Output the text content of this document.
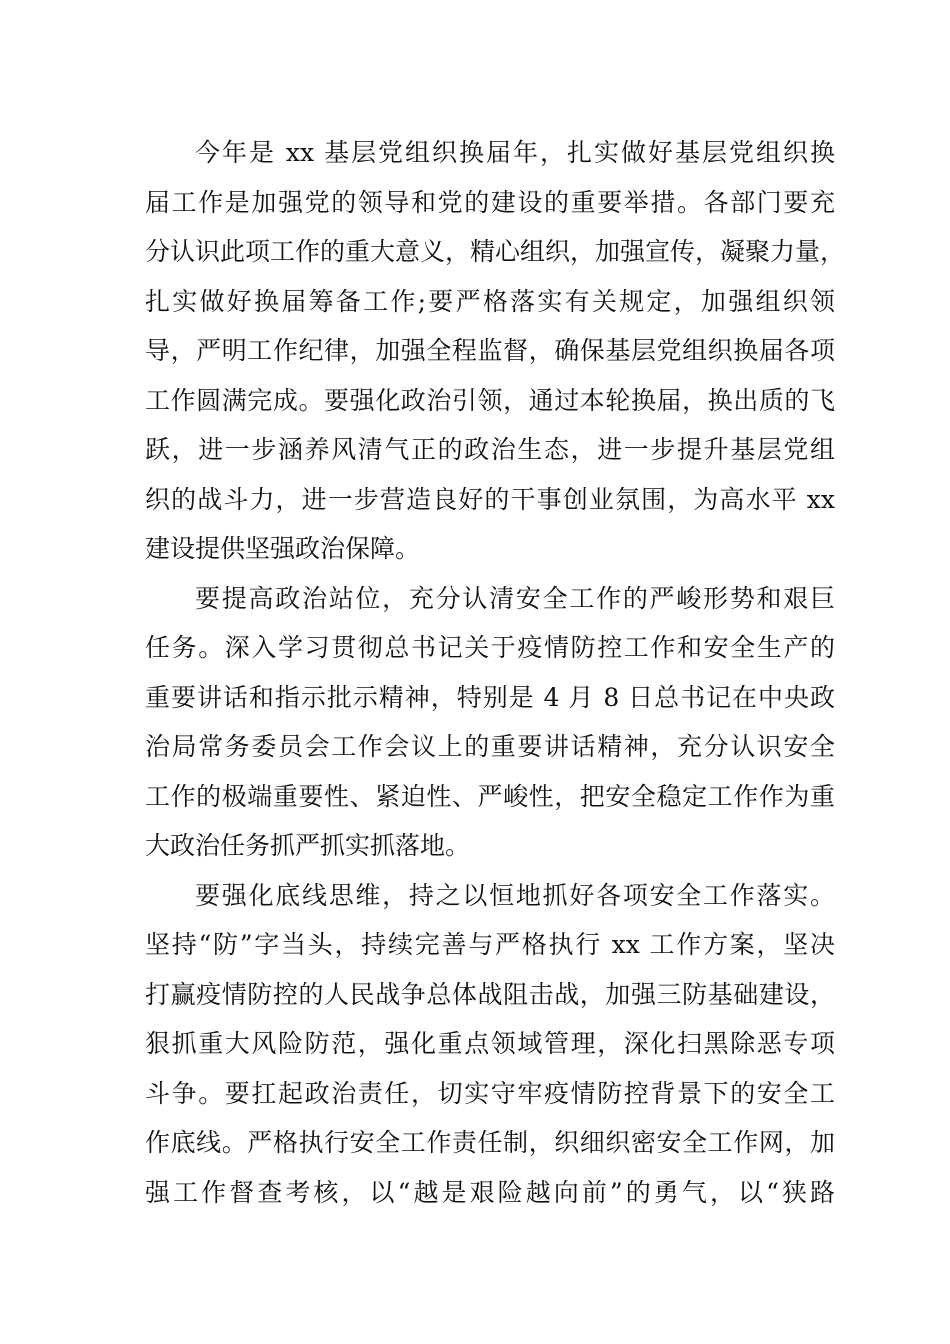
今年是 xx 基层党组织换届年，扎实做好基层党组织换
届工作是加强党的领导和党的建设的重要举措。各部门要充
分认识此项工作的重大意义，精心组织，加强宣传，凝聚力量，
扎实做好换届筹备工作;要严格落实有关规定，加强组织领
导，严明工作纪律，加强全程监督，确保基层党组织换届各项
工作圆满完成。要强化政治引领，通过本轮换届，换出质的飞
跃，进一步涵养风清气正的政治生态，进一步提升基层党组
织的战斗力，进一步营造良好的干事创业氛围，为高水平 xx
建设提供坚强政治保障。
要提高政治站位，充分认清安全工作的严峻形势和艰巨
任务。深入学习贯彻总书记关于疫情防控工作和安全生产的
重要讲话和指示批示精神，特别是 4 月 8 日总书记在中央政
治局常务委员会工作会议上的重要讲话精神，充分认识安全
工作的极端重要性、紧迫性、严峻性，把安全稳定工作作为重
大政治任务抓严抓实抓落地。
要强化底线思维，持之以恒地抓好各项安全工作落实。
坚持“防”字当头，持续完善与严格执行 xx 工作方案，坚决
打赢疫情防控的人民战争总体战阻击战，加强三防基础建设，
狠抓重大风险防范，强化重点领域管理，深化扫黑除恶专项
斗争。要扛起政治责任，切实守牢疫情防控背景下的安全工
作底线。严格执行安全工作责任制，织细织密安全工作网，加
强工作督查考核，以“越是艰险越向前”的勇气，以“狭路
